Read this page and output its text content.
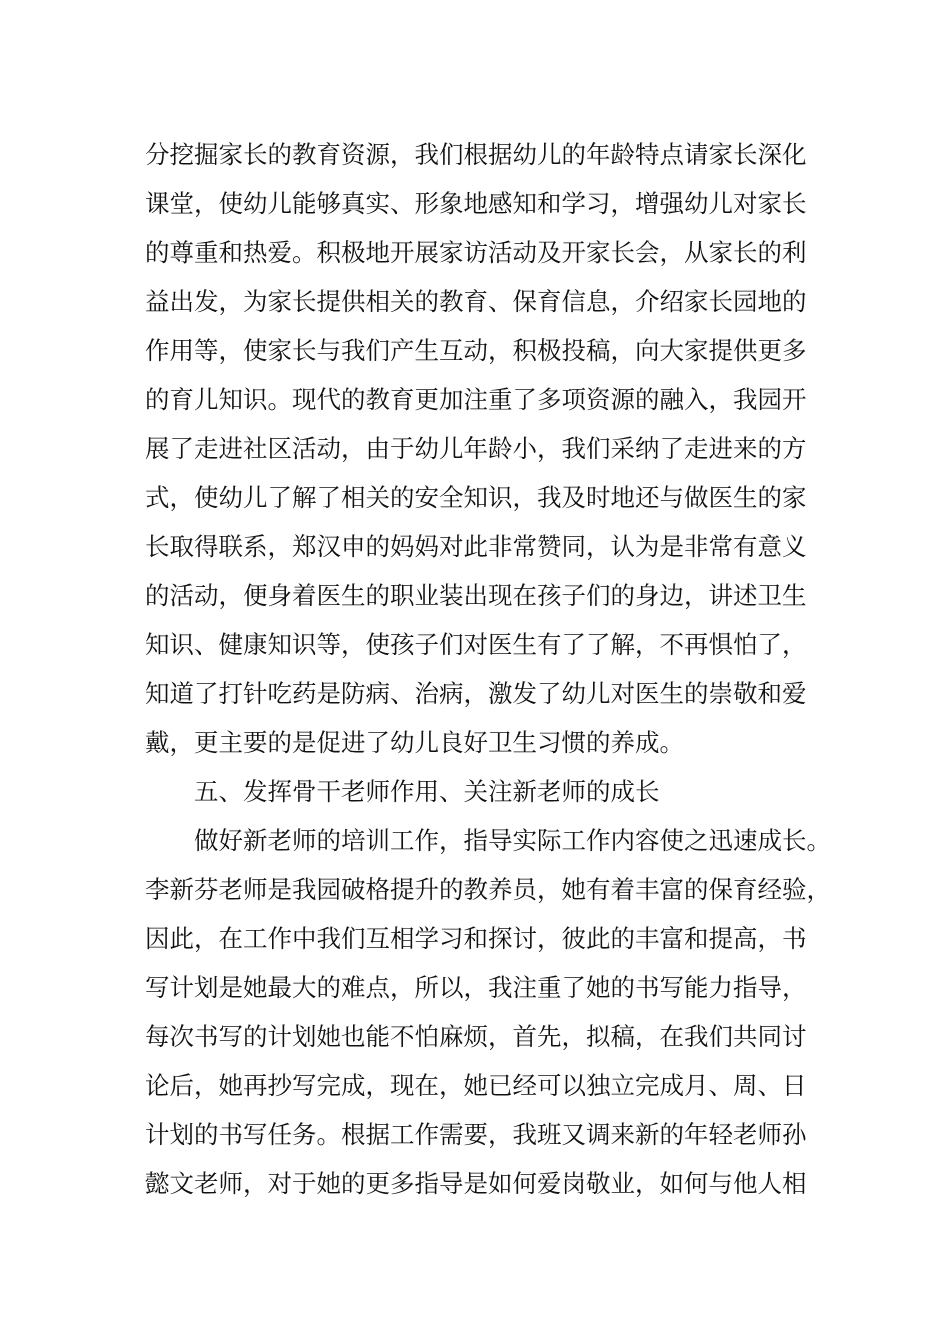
分挖掘家长的教育资源，我们根据幼儿的年龄特点请家长深化
课堂，使幼儿能够真实、形象地感知和学习，增强幼儿对家长
的尊重和热爱。积极地开展家访活动及开家长会，从家长的利
益出发，为家长提供相关的教育、保育信息，介绍家长园地的
作用等，使家长与我们产生互动，积极投稿，向大家提供更多
的育儿知识。现代的教育更加注重了多项资源的融入，我园开
展了走进社区活动，由于幼儿年龄小，我们采纳了走进来的方
式，使幼儿了解了相关的安全知识，我及时地还与做医生的家
长取得联系，郑汉申的妈妈对此非常赞同，认为是非常有意义
的活动，便身着医生的职业装出现在孩子们的身边，讲述卫生
知识、健康知识等，使孩子们对医生有了了解，不再惧怕了，
知道了打针吃药是防病、治病，激发了幼儿对医生的崇敬和爱
戴，更主要的是促进了幼儿良好卫生习惯的养成。
五、发挥骨干老师作用、关注新老师的成长
做好新老师的培训工作，指导实际工作内容使之迅速成长。
李新芬老师是我园破格提升的教养员，她有着丰富的保育经验，
因此，在工作中我们互相学习和探讨，彼此的丰富和提高，书
写计划是她最大的难点，所以，我注重了她的书写能力指导，
每次书写的计划她也能不怕麻烦，首先，拟稿，在我们共同讨
论后，她再抄写完成，现在，她已经可以独立完成月、周、日
计划的书写任务。根据工作需要，我班又调来新的年轻老师孙
懿文老师，对于她的更多指导是如何爱岗敬业，如何与他人相
